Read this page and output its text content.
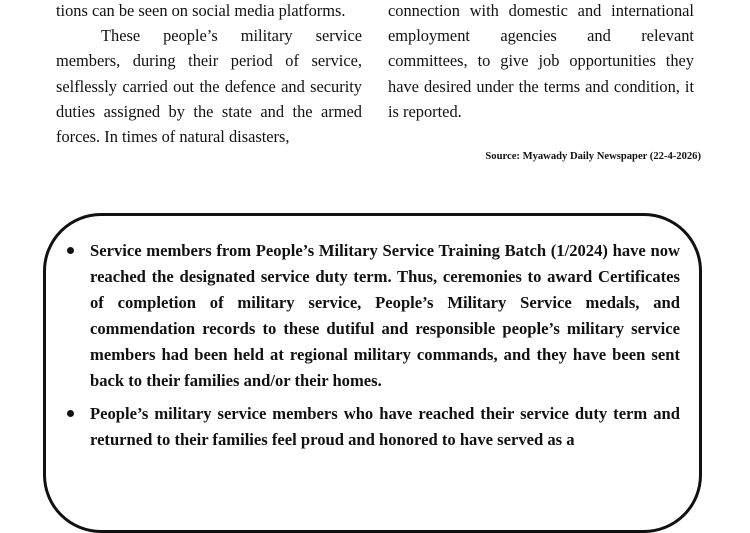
tions can be seen on social media platforms.

These people’s military service members, during their period of service, selflessly carried out the defence and security duties assigned by the state and the armed forces. In times of natural disasters,

connection with domestic and international employment agencies and relevant committees, to give job opportunities they have desired under the terms and condition, it is reported.

Source: Myawady Daily Newspaper (22-4-2026)
Service members from People’s Military Service Training Batch (1/2024) have now reached the designated service duty term. Thus, ceremonies to award Certificates of completion of military service, People’s Military Service medals, and commendation records to these dutiful and responsible people’s military service members had been held at regional military commands, and they have been sent back to their families and/or their homes.
People’s military service members who have reached their service duty term and returned to their families feel proud and honored to have served as a
